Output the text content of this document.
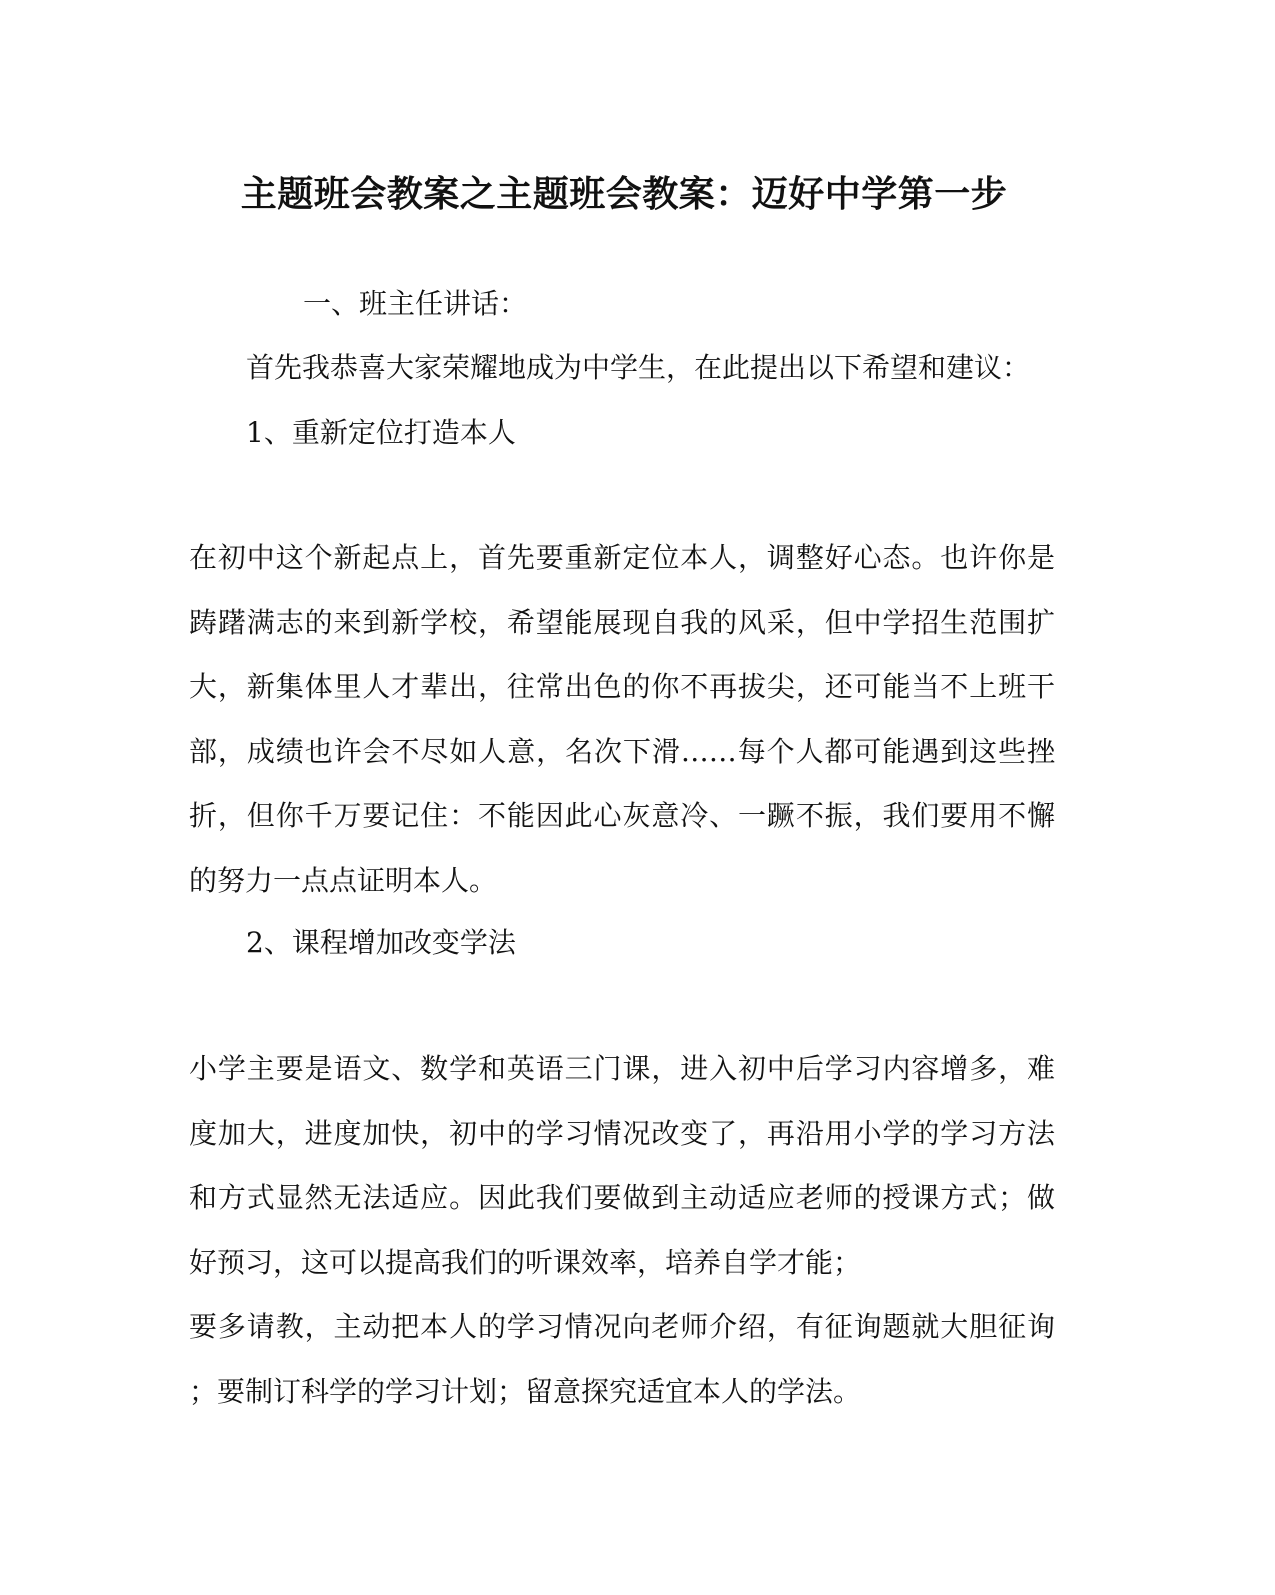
主题班会教案之主题班会教案：迈好中学第一步
一、班主任讲话：
首先我恭喜大家荣耀地成为中学生，在此提出以下希望和建议：
1、重新定位打造本人
在初中这个新起点上，首先要重新定位本人，调整好心态。也许你是
踌躇满志的来到新学校，希望能展现自我的风采，但中学招生范围扩
大，新集体里人才辈出，往常出色的你不再拔尖，还可能当不上班干
部，成绩也许会不尽如人意，名次下滑……每个人都可能遇到这些挫
折，但你千万要记住：不能因此心灰意冷、一蹶不振，我们要用不懈
的努力一点点证明本人。
2、课程增加改变学法
小学主要是语文、数学和英语三门课，进入初中后学习内容增多，难
度加大，进度加快，初中的学习情况改变了，再沿用小学的学习方法
和方式显然无法适应。因此我们要做到主动适应老师的授课方式；做
好预习，这可以提高我们的听课效率，培养自学才能；
要多请教，主动把本人的学习情况向老师介绍，有征询题就大胆征询
；要制订科学的学习计划；留意探究适宜本人的学法。
